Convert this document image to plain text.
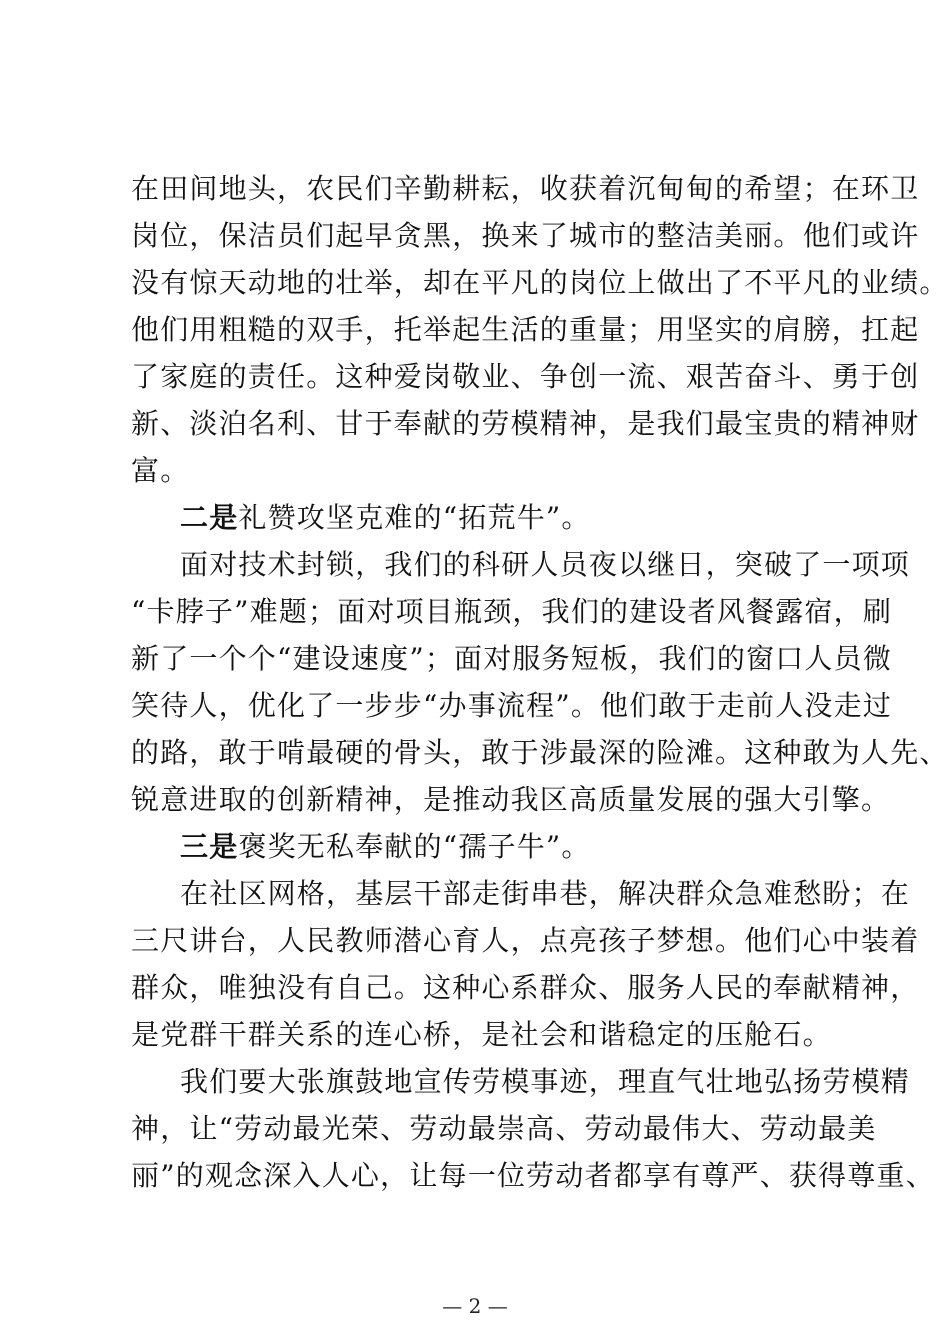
在田间地头，农民们辛勤耕耘，收获着沉甸甸的希望；在环卫
岗位，保洁员们起早贪黑，换来了城市的整洁美丽。他们或许
没有惊天动地的壮举，却在平凡的岗位上做出了不平凡的业绩。
他们用粗糙的双手，托举起生活的重量；用坚实的肩膀，扛起
了家庭的责任。这种爱岗敬业、争创一流、艰苦奋斗、勇于创
新、淡泊名利、甘于奉献的劳模精神，是我们最宝贵的精神财
富。
二是礼赞攻坚克难的“拓荒牛”。
面对技术封锁，我们的科研人员夜以继日，突破了一项项
“卡脖子”难题；面对项目瓶颈，我们的建设者风餐露宿，刷
新了一个个“建设速度”；面对服务短板，我们的窗口人员微
笑待人，优化了一步步“办事流程”。他们敢于走前人没走过
的路，敢于啃最硬的骨头，敢于涉最深的险滩。这种敢为人先、
锐意进取的创新精神，是推动我区高质量发展的强大引擎。
三是褒奖无私奉献的“孺子牛”。
在社区网格，基层干部走街串巷，解决群众急难愁盼；在
三尺讲台，人民教师潜心育人，点亮孩子梦想。他们心中装着
群众，唯独没有自己。这种心系群众、服务人民的奉献精神，
是党群干群关系的连心桥，是社会和谐稳定的压舱石。
我们要大张旗鼓地宣传劳模事迹，理直气壮地弘扬劳模精
神，让“劳动最光荣、劳动最崇高、劳动最伟大、劳动最美
丽”的观念深入人心，让每一位劳动者都享有尊严、获得尊重、
— 2 —
